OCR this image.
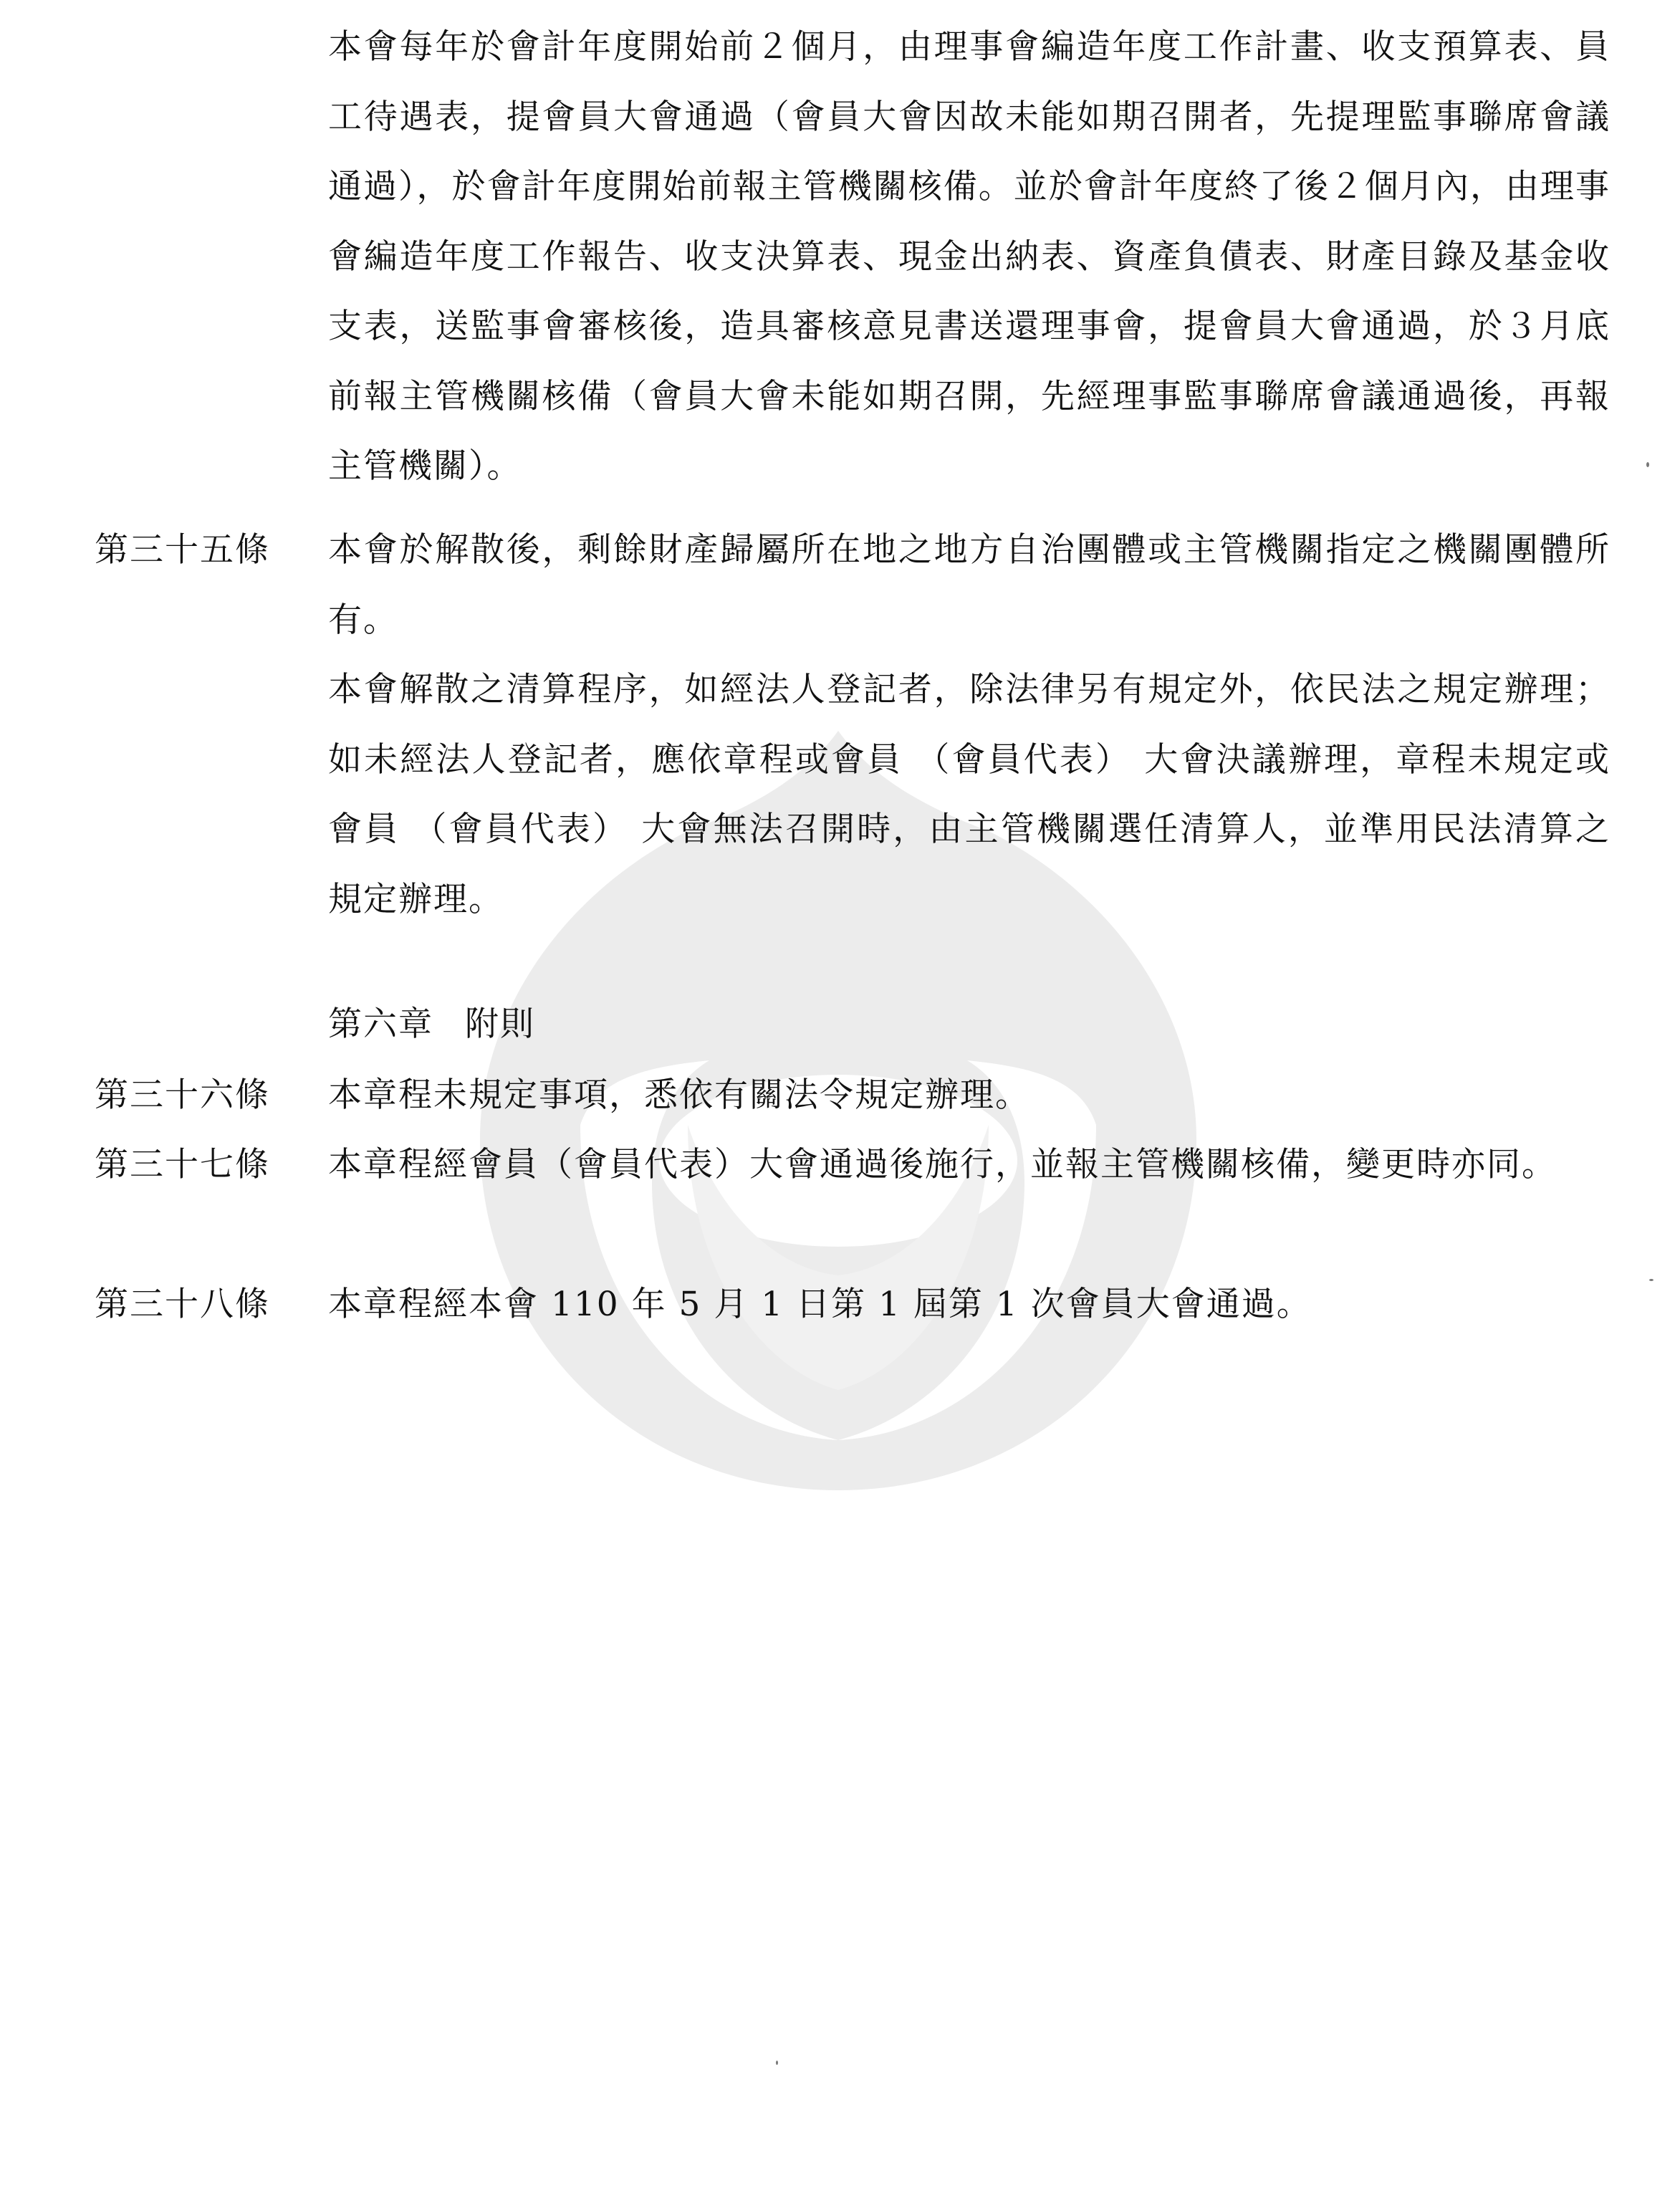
本會每年於會計年度開始前２個月，由理事會編造年度工作計畫、收支預算表、員工待遇表，提會員大會通過（會員大會因故未能如期召開者，先提理監事聯席會議通過），於會計年度開始前報主管機關核備。並於會計年度終了後２個月內，由理事會編造年度工作報告、收支決算表、現金出納表、資產負債表、財產目錄及基金收支表，送監事會審核後，造具審核意見書送還理事會，提會員大會通過，於３月底前報主管機關核備（會員大會未能如期召開，先經理事監事聯席會議通過後，再報主管機關）。

第三十五條 本會於解散後，剩餘財產歸屬所在地之地方自治團體或主管機關指定之機關團體所有。

本會解散之清算程序，如經法人登記者，除法律另有規定外，依民法之規定辦理；如未經法人登記者，應依章程或會員 （會員代表） 大會決議辦理，章程未規定或會員 （會員代表） 大會無法召開時，由主管機關選任清算人，並準用民法清算之規定辦理。

第六章 附則

第三十六條 本章程未規定事項，悉依有關法令規定辦理。

第三十七條 本章程經會員（會員代表）大會通過後施行，並報主管機關核備，變更時亦同。

第三十八條 本章程經本會 110 年 5 月 1 日第 1 屆第 1 次會員大會通過。
